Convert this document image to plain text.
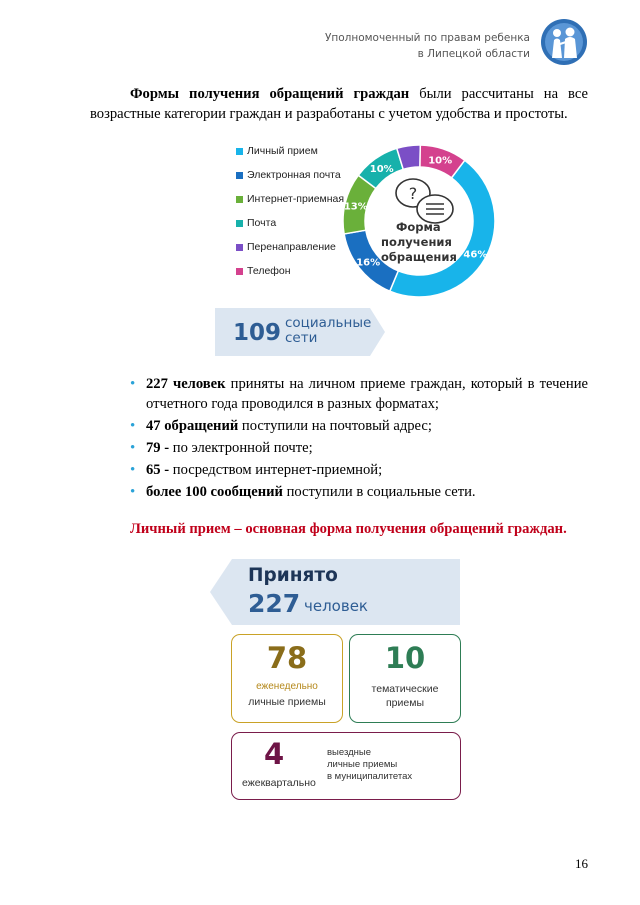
Уполномоченный по правам ребенка
в Липецкой области

Формы получения обращений граждан были рассчитаны на все возрастные категории граждан и разработаны с учетом удобства и простоты.

Личный прием
Электронная почта
Интернет-приемная
Почта
Перенаправление
Телефон
46%
16%
13%
10%
10%
?
Форма
получения
обращения
109 социальные
сети
• 227 человек приняты на личном приеме граждан, который в течение отчетного года проводился в разных форматах;
• 47 обращений поступили на почтовый адрес;
• 79 - по электронной почте;
• 65 - посредством интернет-приемной;
• более 100 сообщений поступили в социальные сети.
Личный прием – основная форма получения обращений граждан.
Принято
227 человек
78
еженедельно
личные приемы
10
тематические
приемы
4
ежеквартально
выездные
личные приемы
в муниципалитетах
16
